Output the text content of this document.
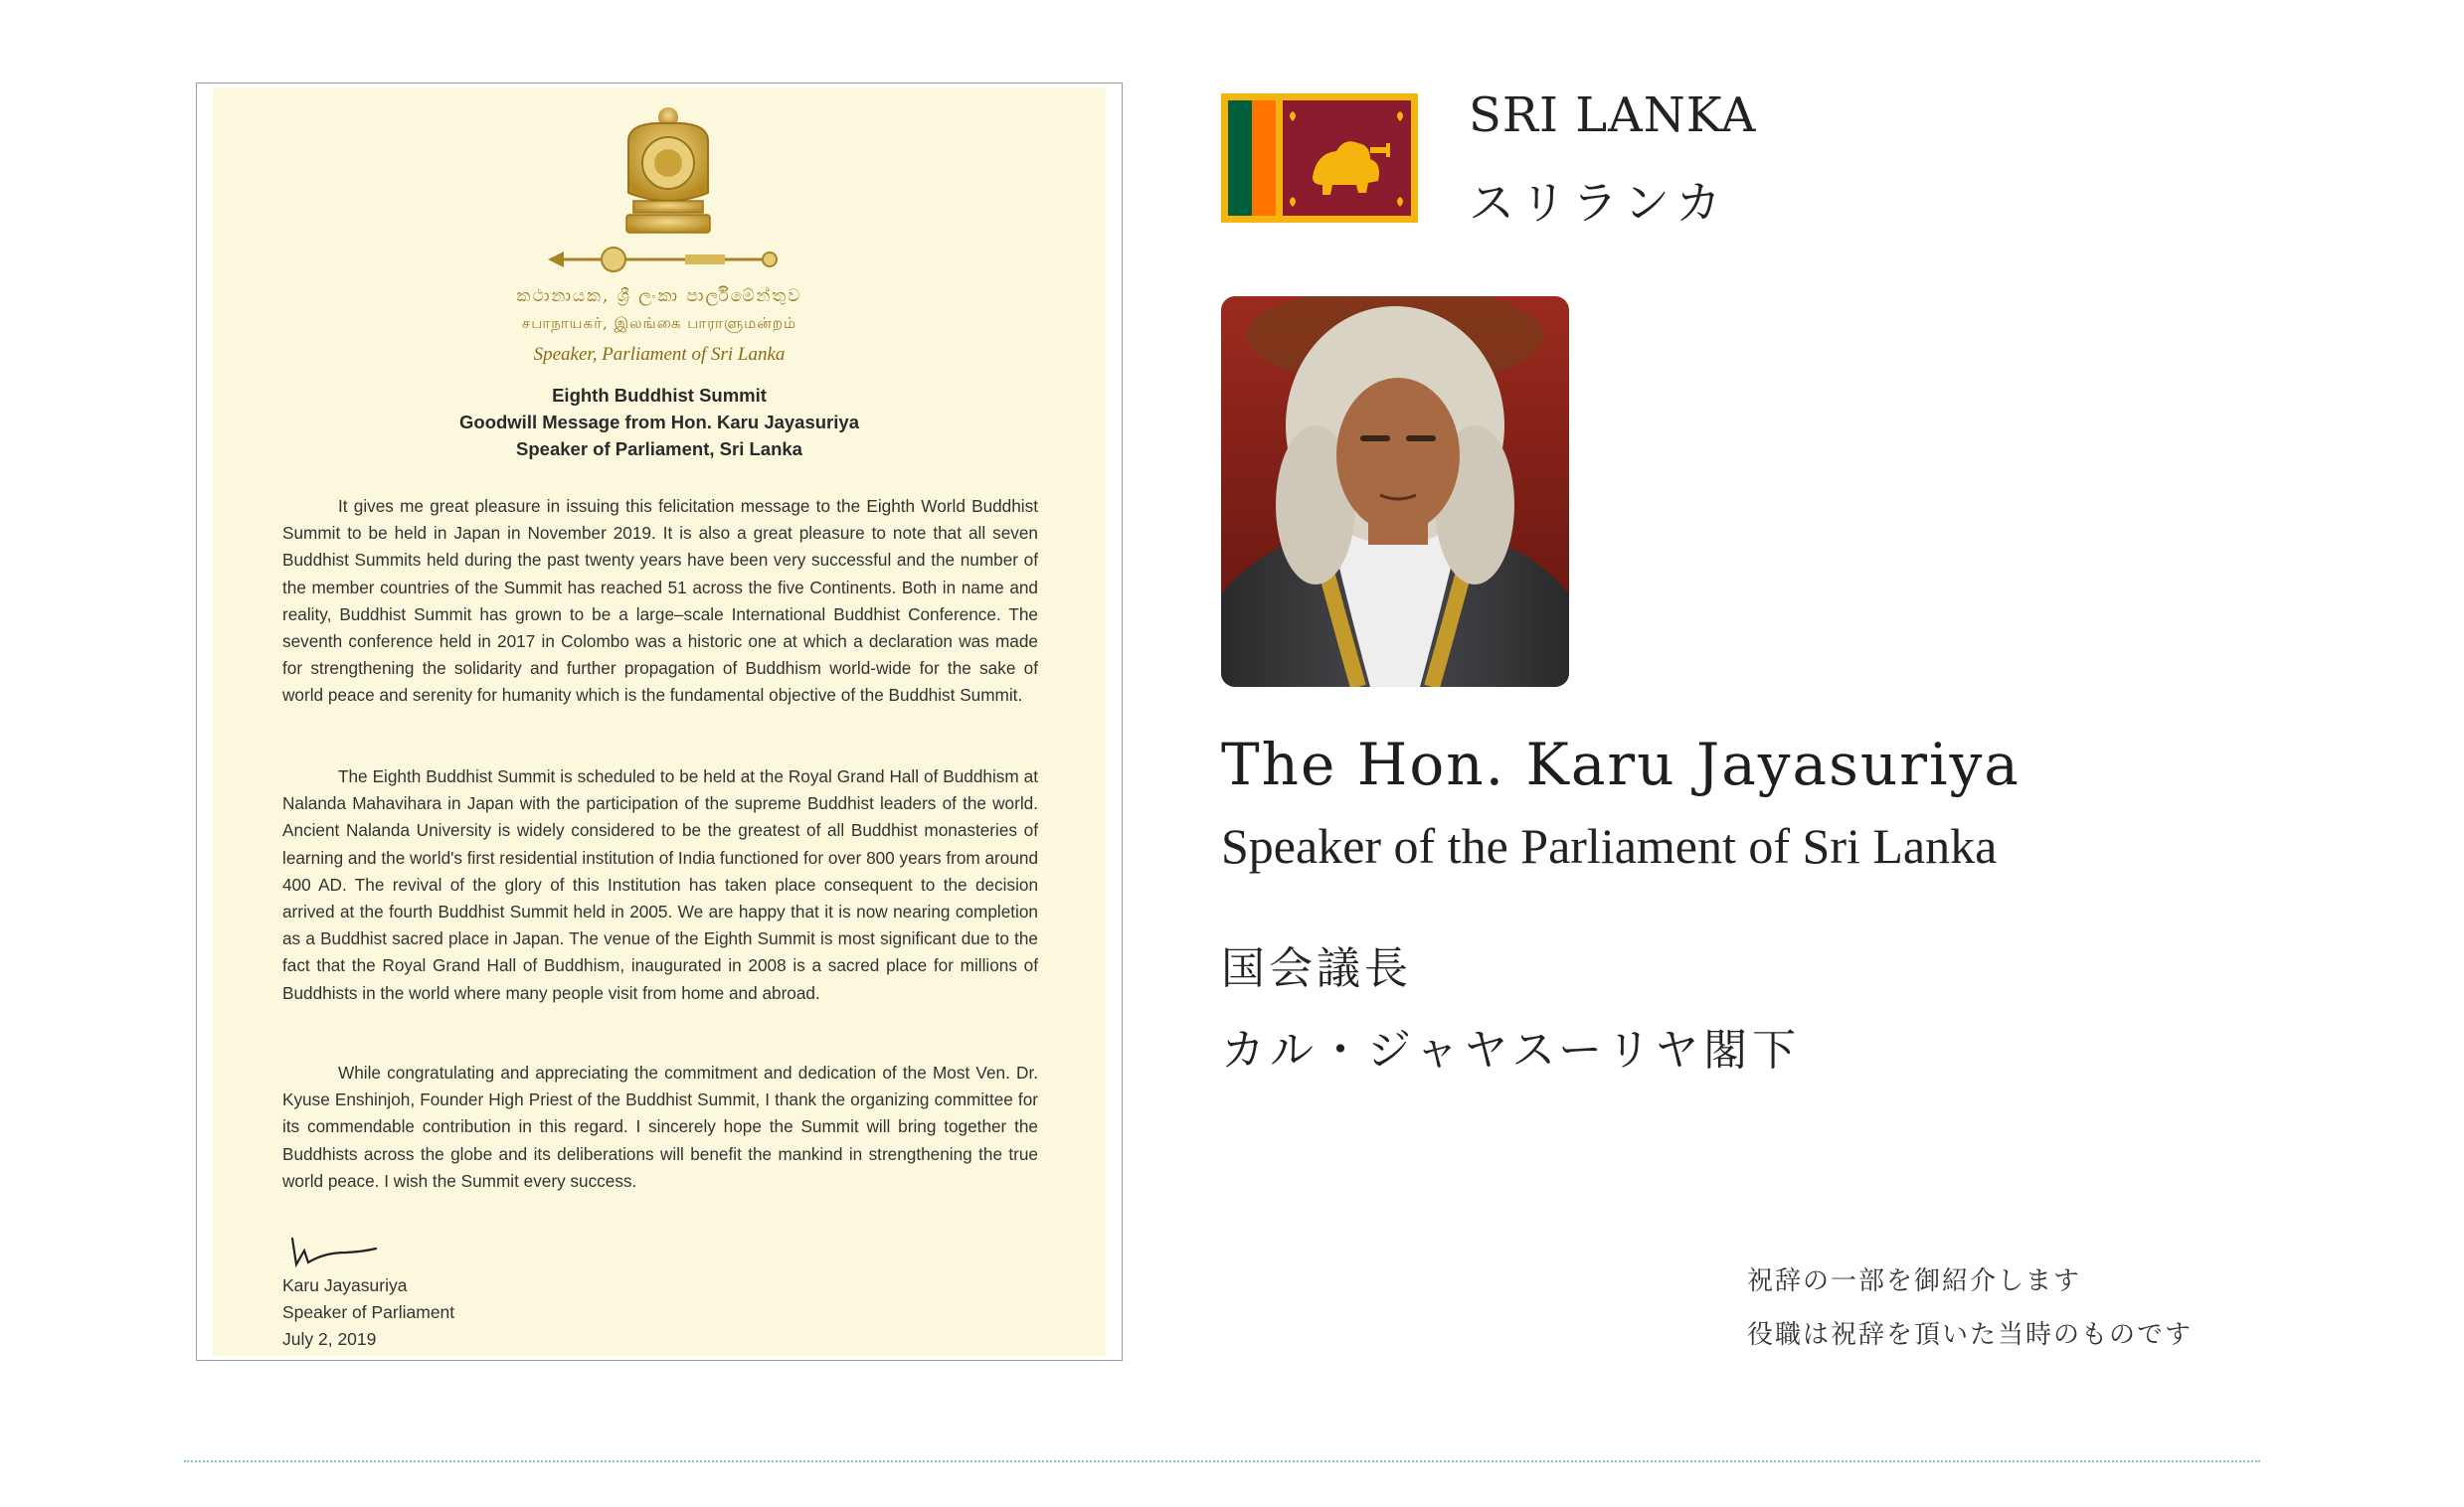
කථානායක, ශ්‍රී ලංකා පාර්ලිමේන්තුව
சபாநாயகர், இலங்கை பாராளுமன்றம்
Speaker, Parliament of Sri Lanka
Eighth Buddhist Summit
Goodwill Message from Hon. Karu Jayasuriya
Speaker of Parliament, Sri Lanka

It gives me great pleasure in issuing this felicitation message to the Eighth World Buddhist Summit to be held in Japan in November 2019. It is also a great pleasure to note that all seven Buddhist Summits held during the past twenty years have been very successful and the number of the member countries of the Summit has reached 51 across the five Continents. Both in name and reality, Buddhist Summit has grown to be a large–scale International Buddhist Conference. The seventh conference held in 2017 in Colombo was a historic one at which a declaration was made for strengthening the solidarity and further propagation of Buddhism world-wide for the sake of world peace and serenity for humanity which is the fundamental objective of the Buddhist Summit.

The Eighth Buddhist Summit is scheduled to be held at the Royal Grand Hall of Buddhism at Nalanda Mahavihara in Japan with the participation of the supreme Buddhist leaders of the world. Ancient Nalanda University is widely considered to be the greatest of all Buddhist monasteries of learning and the world's first residential institution of India functioned for over 800 years from around 400 AD. The revival of the glory of this Institution has taken place consequent to the decision arrived at the fourth Buddhist Summit held in 2005. We are happy that it is now nearing completion as a Buddhist sacred place in Japan. The venue of the Eighth Summit is most significant due to the fact that the Royal Grand Hall of Buddhism, inaugurated in 2008 is a sacred place for millions of Buddhists in the world where many people visit from home and abroad.

While congratulating and appreciating the commitment and dedication of the Most Ven. Dr. Kyuse Enshinjoh, Founder High Priest of the Buddhist Summit, I thank the organizing committee for its commendable contribution in this regard. I sincerely hope the Summit will bring together the Buddhists across the globe and its deliberations will benefit the mankind in strengthening the true world peace. I wish the Summit every success.

Karu Jayasuriya
Speaker of Parliament
July 2, 2019
SRI LANKA
スリランカ
The Hon. Karu Jayasuriya
Speaker of the Parliament of Sri Lanka
国会議長
カル・ジャヤスーリヤ閣下
祝辞の一部を御紹介します
役職は祝辞を頂いた当時のものです
